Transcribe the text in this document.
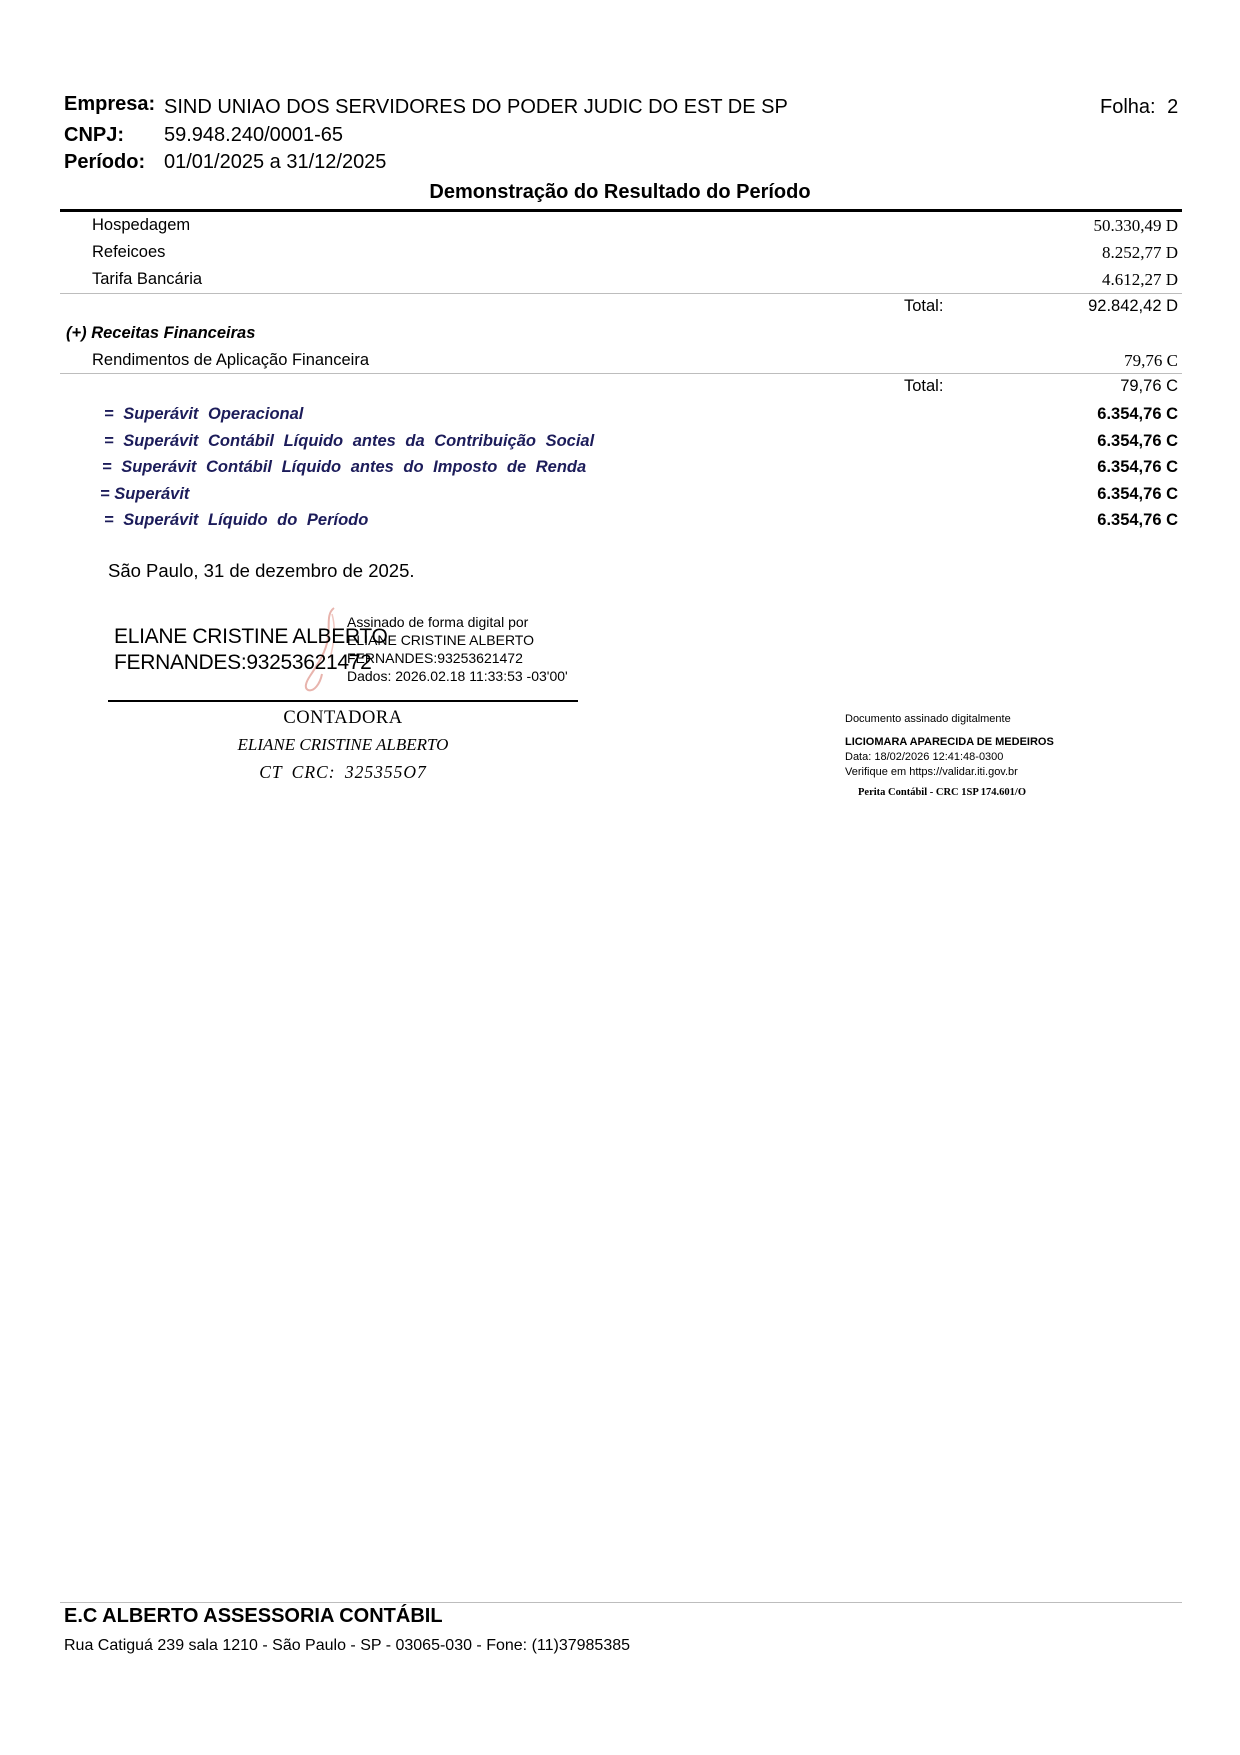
Empresa: SIND UNIAO DOS SERVIDORES DO PODER JUDIC DO EST DE SP	Folha: 2
CNPJ: 59.948.240/0001-65
Período: 01/01/2025 a 31/12/2025
Demonstração do Resultado do Período
Hospedagem	50.330,49 D
Refeicoes	8.252,77 D
Tarifa Bancária	4.612,27 D
Total:	92.842,42 D
(+) Receitas Financeiras
Rendimentos de Aplicação Financeira	79,76 C
Total:	79,76 C
= Superávit Operacional	6.354,76 C
= Superávit Contábil Líquido antes da Contribuição Social	6.354,76 C
= Superávit Contábil Líquido antes do Imposto de Renda	6.354,76 C
= Superávit	6.354,76 C
= Superávit Líquido do Período	6.354,76 C
São Paulo, 31 de dezembro de 2025.
ELIANE CRISTINE ALBERTO
FERNANDES:93253621472
Assinado de forma digital por
ELIANE CRISTINE ALBERTO
FERNANDES:93253621472
Dados: 2026.02.18 11:33:53 -03'00'
CONTADORA
ELIANE CRISTINE ALBERTO
CT CRC: 325355O7
Documento assinado digitalmente
LICIOMARA APARECIDA DE MEDEIROS
Data: 18/02/2026 12:41:48-0300
Verifique em https://validar.iti.gov.br
Perita Contábil - CRC 1SP 174.601/O
E.C ALBERTO ASSESSORIA CONTÁBIL
Rua Catiguá 239 sala 1210 - São Paulo - SP - 03065-030 - Fone: (11)37985385
